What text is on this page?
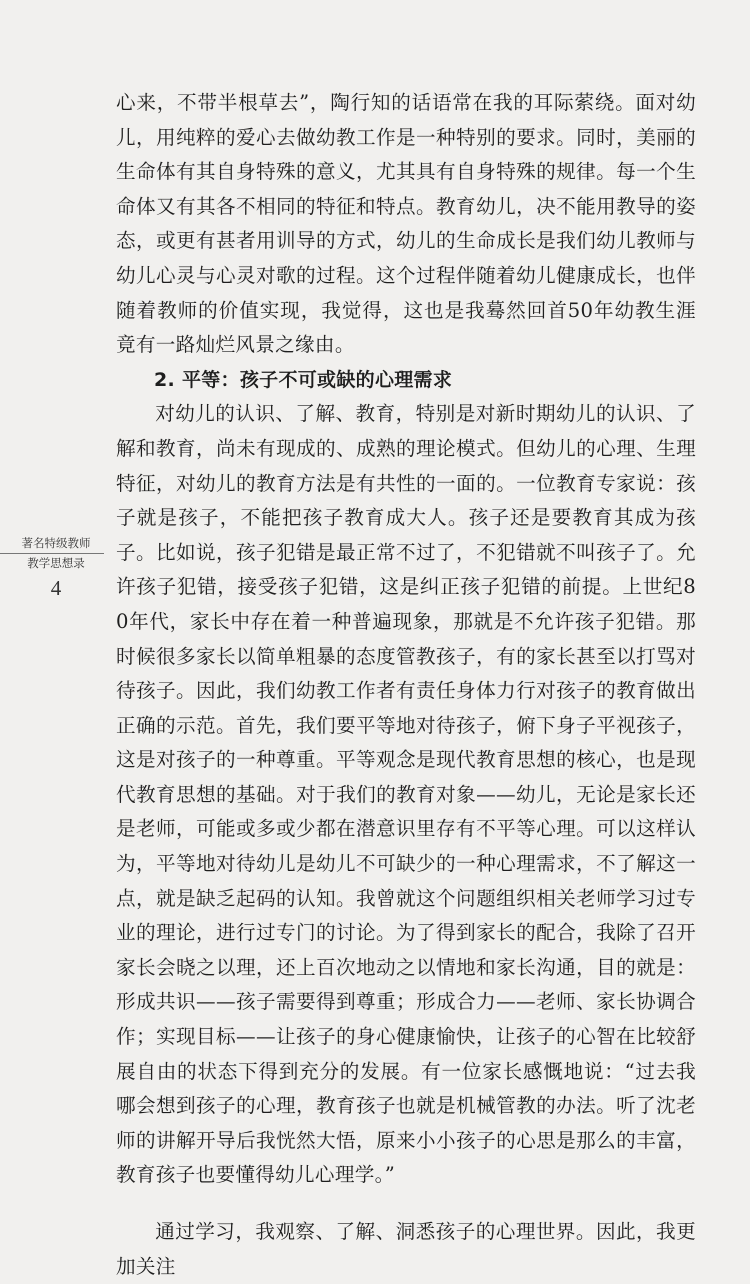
著名特级教师
教学思想录
4

心来，不带半根草去”，陶行知的话语常在我的耳际萦绕。面对幼儿，用纯粹的爱心去做幼教工作是一种特别的要求。同时，美丽的生命体有其自身特殊的意义，尤其具有自身特殊的规律。每一个生命体又有其各不相同的特征和特点。教育幼儿，决不能用教导的姿态，或更有甚者用训导的方式，幼儿的生命成长是我们幼儿教师与幼儿心灵与心灵对歌的过程。这个过程伴随着幼儿健康成长，也伴随着教师的价值实现，我觉得，这也是我蓦然回首50年幼教生涯竟有一路灿烂风景之缘由。

2. 平等：孩子不可或缺的心理需求

对幼儿的认识、了解、教育，特别是对新时期幼儿的认识、了解和教育，尚未有现成的、成熟的理论模式。但幼儿的心理、生理特征，对幼儿的教育方法是有共性的一面的。一位教育专家说：孩子就是孩子，不能把孩子教育成大人。孩子还是要教育其成为孩子。比如说，孩子犯错是最正常不过了，不犯错就不叫孩子了。允许孩子犯错，接受孩子犯错，这是纠正孩子犯错的前提。上世纪80年代，家长中存在着一种普遍现象，那就是不允许孩子犯错。那时候很多家长以简单粗暴的态度管教孩子，有的家长甚至以打骂对待孩子。因此，我们幼教工作者有责任身体力行对孩子的教育做出正确的示范。首先，我们要平等地对待孩子，俯下身子平视孩子，这是对孩子的一种尊重。平等观念是现代教育思想的核心，也是现代教育思想的基础。对于我们的教育对象——幼儿，无论是家长还是老师，可能或多或少都在潜意识里存有不平等心理。可以这样认为，平等地对待幼儿是幼儿不可缺少的一种心理需求，不了解这一点，就是缺乏起码的认知。我曾就这个问题组织相关老师学习过专业的理论，进行过专门的讨论。为了得到家长的配合，我除了召开家长会晓之以理，还上百次地动之以情地和家长沟通，目的就是：形成共识——孩子需要得到尊重；形成合力——老师、家长协调合作；实现目标——让孩子的身心健康愉快，让孩子的心智在比较舒展自由的状态下得到充分的发展。有一位家长感慨地说：“过去我哪会想到孩子的心理，教育孩子也就是机械管教的办法。听了沈老师的讲解开导后我恍然大悟，原来小小孩子的心思是那么的丰富，教育孩子也要懂得幼儿心理学。”

通过学习，我观察、了解、洞悉孩子的心理世界。因此，我更加关注
